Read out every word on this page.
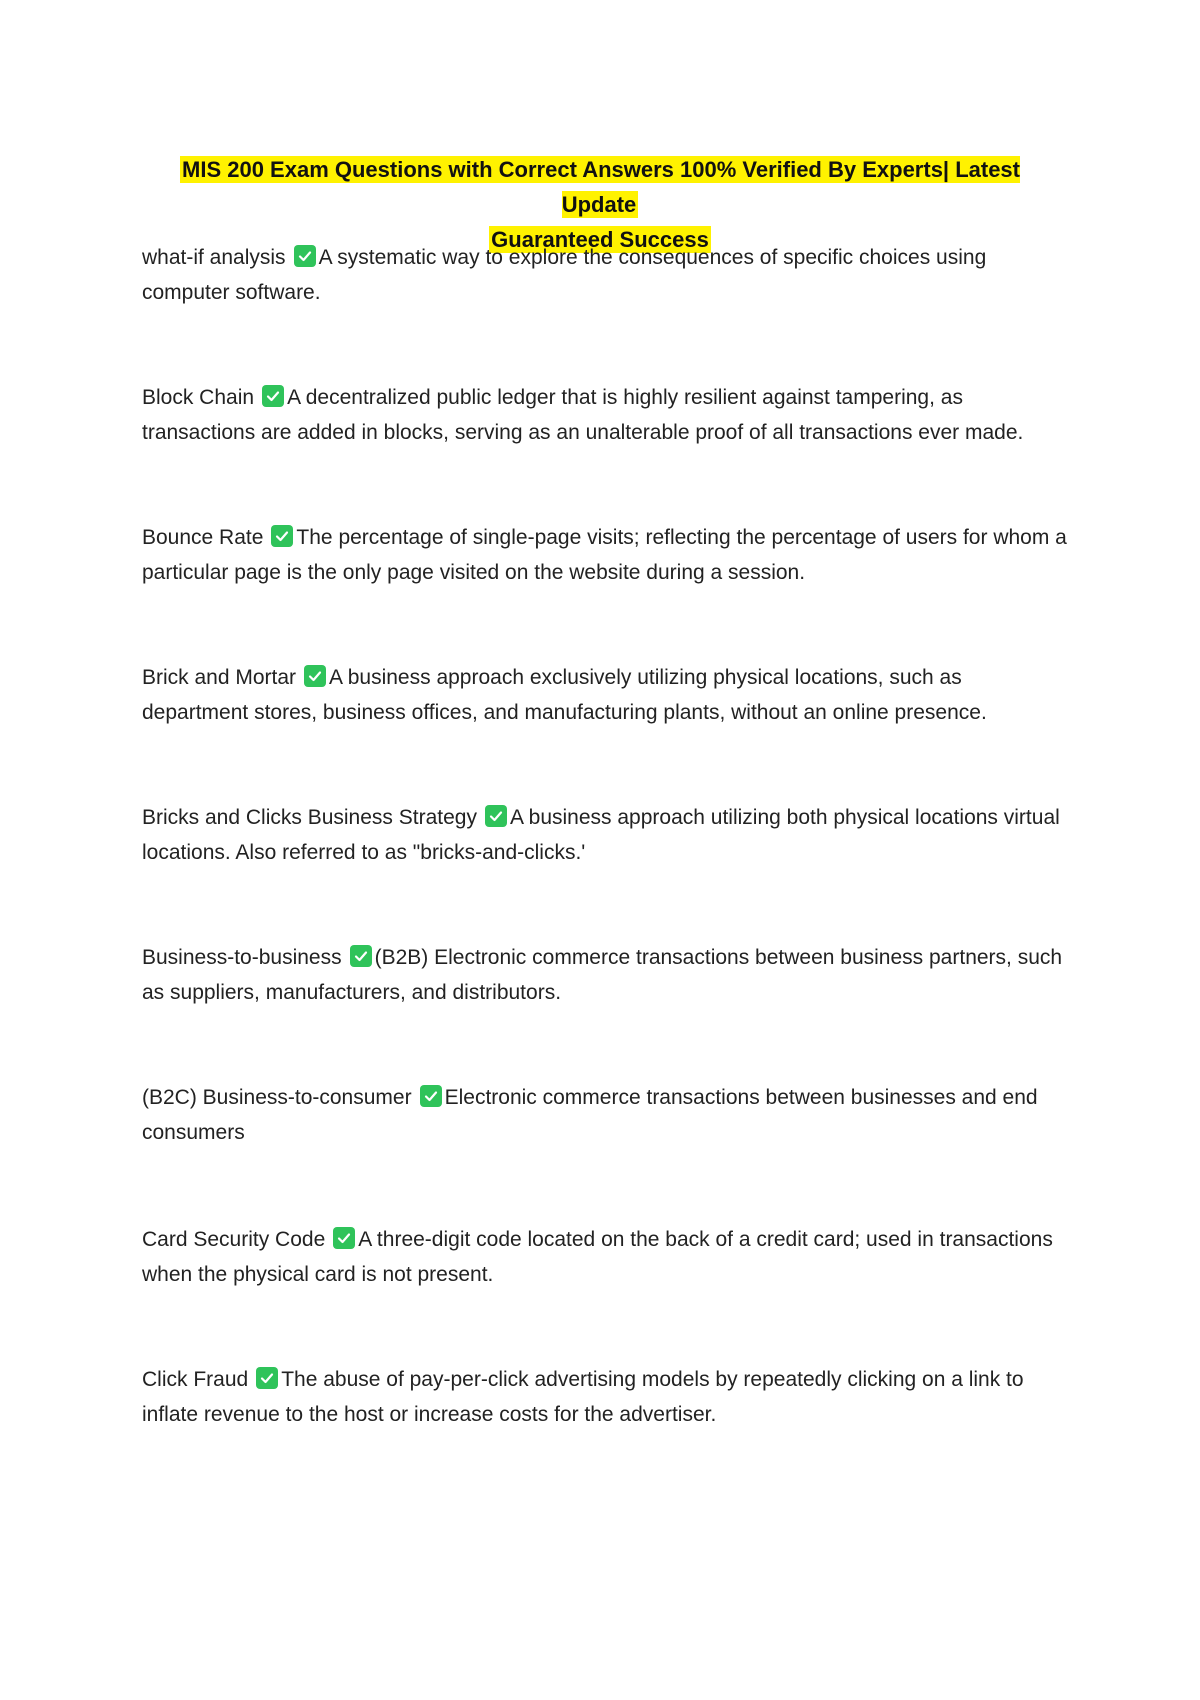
MIS 200 Exam Questions with Correct Answers 100% Verified By Experts| Latest Update
Guaranteed Success
what-if analysis A systematic way to explore the consequences of specific choices using computer software.
Block Chain A decentralized public ledger that is highly resilient against tampering, as transactions are added in blocks, serving as an unalterable proof of all transactions ever made.
Bounce Rate The percentage of single-page visits; reflecting the percentage of users for whom a particular page is the only page visited on the website during a session.
Brick and Mortar A business approach exclusively utilizing physical locations, such as department stores, business offices, and manufacturing plants, without an online presence.
Bricks and Clicks Business Strategy A business approach utilizing both physical locations virtual locations. Also referred to as "bricks-and-clicks.'
Business-to-business (B2B) Electronic commerce transactions between business partners, such as suppliers, manufacturers, and distributors.
(B2C) Business-to-consumer Electronic commerce transactions between businesses and end consumers
Card Security Code A three-digit code located on the back of a credit card; used in transactions when the physical card is not present.
Click Fraud The abuse of pay-per-click advertising models by repeatedly clicking on a link to inflate revenue to the host or increase costs for the advertiser.
